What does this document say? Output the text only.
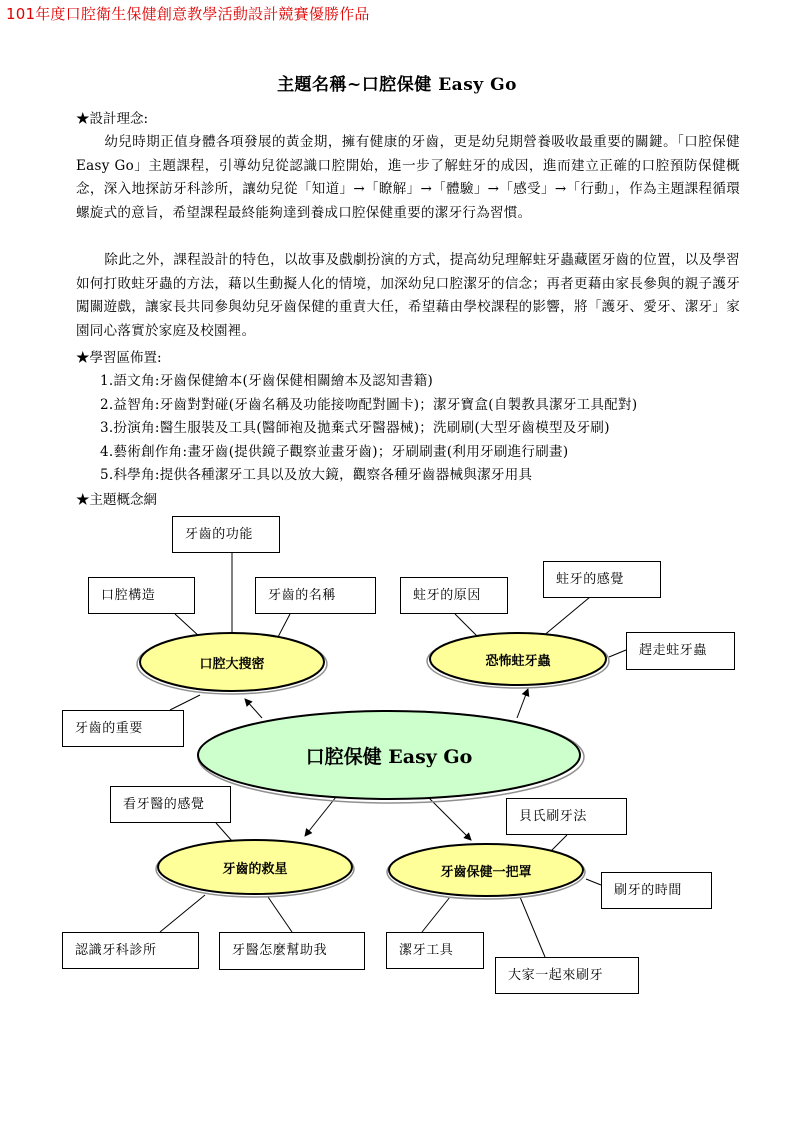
101年度口腔衛生保健創意教學活動設計競賽優勝作品
主題名稱~口腔保健 Easy Go
★設計理念:
幼兒時期正值身體各項發展的黃金期，擁有健康的牙齒，更是幼兒期營養吸收最重要的關鍵。「口腔保健 Easy Go」主題課程，引導幼兒從認識口腔開始，進一步了解蛀牙的成因，進而建立正確的口腔預防保健概念，深入地探訪牙科診所，讓幼兒從「知道」→「瞭解」→「體驗」→「感受」→「行動」，作為主題課程循環螺旋式的意旨，希望課程最終能夠達到養成口腔保健重要的潔牙行為習慣。
除此之外，課程設計的特色，以故事及戲劇扮演的方式，提高幼兒理解蛀牙蟲藏匿牙齒的位置，以及學習如何打敗蛀牙蟲的方法，藉以生動擬人化的情境，加深幼兒口腔潔牙的信念；再者更藉由家長參與的親子護牙闖關遊戲，讓家長共同參與幼兒牙齒保健的重責大任，希望藉由學校課程的影響，將「護牙、愛牙、潔牙」家園同心落實於家庭及校園裡。
★學習區佈置:
1.語文角:牙齒保健繪本(牙齒保健相關繪本及認知書籍)
2.益智角:牙齒對對碰(牙齒名稱及功能接吻配對圖卡)；潔牙寶盒(自製教具潔牙工具配對)
3.扮演角:醫生服裝及工具(醫師袍及拋棄式牙醫器械)；洗刷刷(大型牙齒模型及牙刷)
4.藝術創作角:畫牙齒(提供鏡子觀察並畫牙齒)；牙刷刷畫(利用牙刷進行刷畫)
5.科學角:提供各種潔牙工具以及放大鏡，觀察各種牙齒器械與潔牙用具
★主題概念網
口腔大搜密	恐怖蛀牙蟲
口腔保健 Easy Go
牙齒的救星	牙齒保健一把罩
牙齒的功能
口腔構造	牙齒的名稱	蛀牙的原因
蛀牙的感覺
趕走蛀牙蟲
牙齒的重要
看牙醫的感覺
貝氏刷牙法
刷牙的時間
認識牙科診所	牙醫怎麼幫助我	潔牙工具
大家一起來刷牙
